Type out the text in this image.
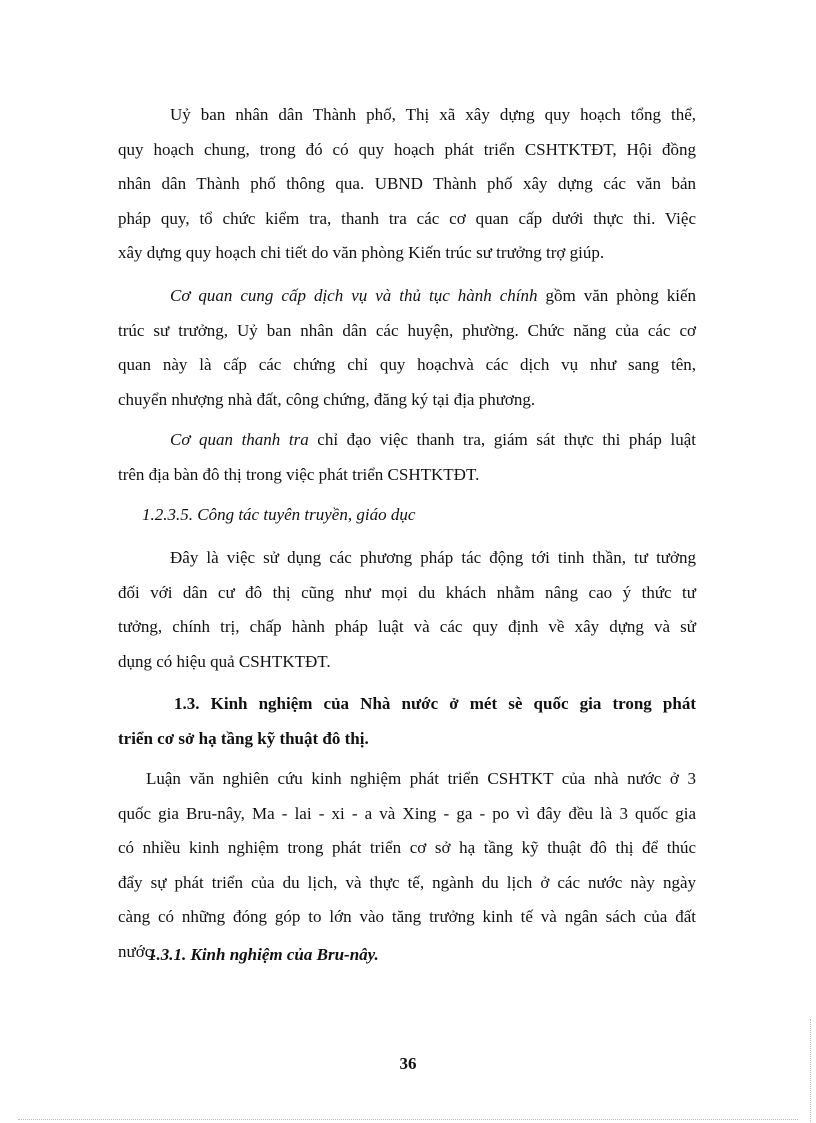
Uỷ ban nhân dân Thành phố, Thị xã xây dựng quy hoạch tổng thể,
quy hoạch chung, trong đó có quy hoạch phát triển CSHTKTĐT, Hội đồng
nhân dân Thành phố thông qua. UBND Thành phố xây dựng các văn bản
pháp quy, tổ chức kiểm tra, thanh tra các cơ quan cấp dưới thực thi. Việc
xây dựng quy hoạch chi tiết do văn phòng Kiến trúc sư trưởng trợ giúp.
Cơ quan cung cấp dịch vụ và thủ tục hành chính gồm văn phòng kiến
trúc sư trưởng, Uỷ ban nhân dân các huyện, phường. Chức năng của các cơ
quan này là cấp các chứng chỉ quy hoạchvà các dịch vụ như sang tên,
chuyển nhượng nhà đất, công chứng, đăng ký tại địa phương.
Cơ quan thanh tra chỉ đạo việc thanh tra, giám sát thực thi pháp luật
trên địa bàn đô thị trong việc phát triển CSHTKTĐT.
1.2.3.5. Công tác tuyên truyền, giáo dục
Đây là việc sử dụng các phương pháp tác động tới tinh thần, tư tưởng
đối với dân cư đô thị cũng như mọi du khách nhằm nâng cao ý thức tư
tưởng, chính trị, chấp hành pháp luật và các quy định về xây dựng và sử
dụng có hiệu quả CSHTKTĐT.
1.3. Kinh nghiệm của Nhà nước ở mét sè quốc gia trong phát
triển cơ sở hạ tầng kỹ thuật đô thị.
Luận văn nghiên cứu kinh nghiệm phát triển CSHTKT của nhà nước ở 3
quốc gia Bru-nây, Ma - lai - xi - a và Xing - ga - po vì đây đều là 3 quốc gia
có nhiều kinh nghiệm trong phát triển cơ sở hạ tầng kỹ thuật đô thị để thúc
đẩy sự phát triển của du lịch, và thực tế, ngành du lịch ở các nước này ngày
càng có những đóng góp to lớn vào tăng trưởng kinh tế và ngân sách của đất
nước.
1.3.1. Kinh nghiệm của Bru-nây.
36
